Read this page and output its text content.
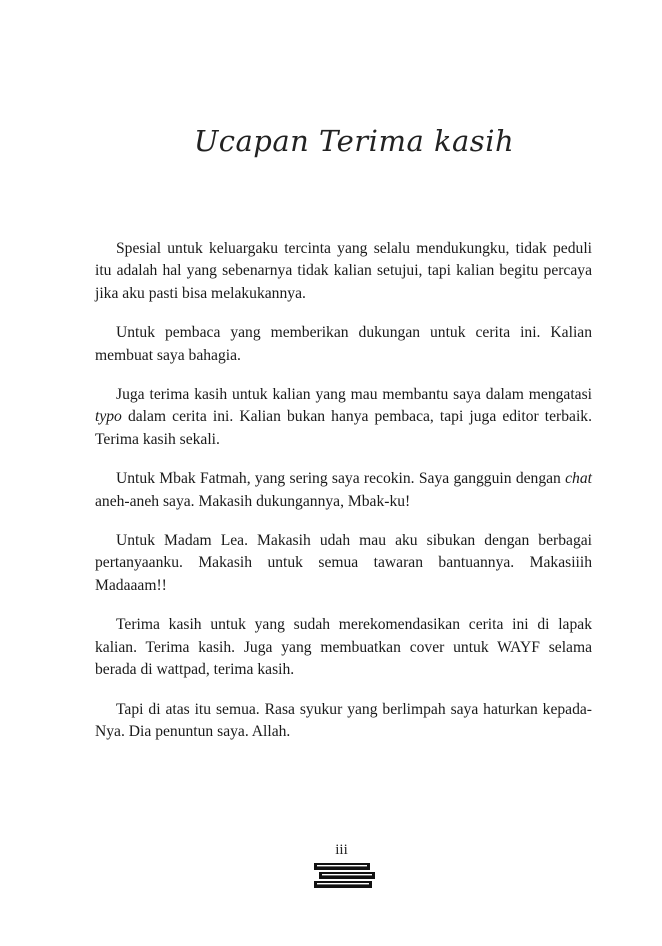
Ucapan Terima kasih

Spesial untuk keluargaku tercinta yang selalu mendukungku, tidak peduli itu adalah hal yang sebenarnya tidak kalian setujui, tapi kalian begitu percaya jika aku pasti bisa melakukannya.

Untuk pembaca yang memberikan dukungan untuk cerita ini. Kalian membuat saya bahagia.

Juga terima kasih untuk kalian yang mau membantu saya dalam mengatasi typo dalam cerita ini. Kalian bukan hanya pembaca, tapi juga editor terbaik. Terima kasih sekali.

Untuk Mbak Fatmah, yang sering saya recokin. Saya gangguin dengan chat aneh-aneh saya. Makasih dukungannya, Mbak-ku!

Untuk Madam Lea. Makasih udah mau aku sibukan dengan berbagai pertanyaanku. Makasih untuk semua tawaran bantuannya. Makasiiih Madaaam!!

Terima kasih untuk yang sudah merekomendasikan cerita ini di lapak kalian. Terima kasih. Juga yang membuatkan cover untuk WAYF selama berada di wattpad, terima kasih.

Tapi di atas itu semua. Rasa syukur yang berlimpah saya haturkan kepada-Nya. Dia penuntun saya. Allah.

iii
